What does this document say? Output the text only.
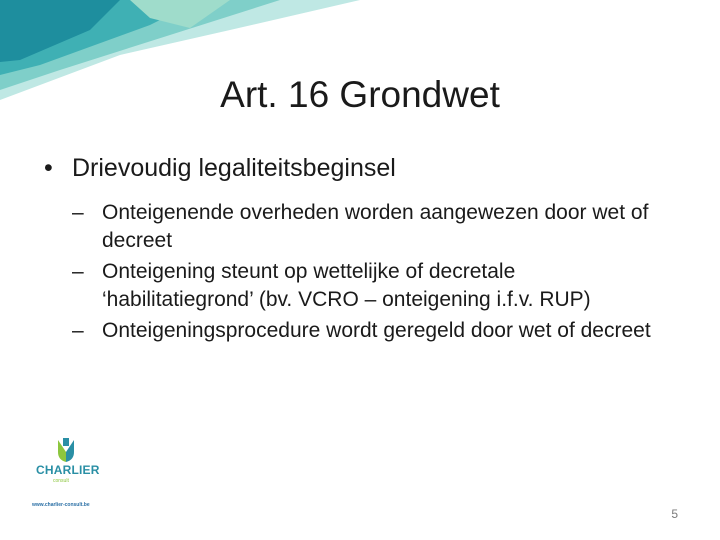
Art. 16 Grondwet
• Drievoudig legaliteitsbeginsel
– Onteigenende overheden worden aangewezen door wet of decreet
– Onteigening steunt op wettelijke of decretale ‘habilitatiegrond’ (bv. VCRO – onteigening i.f.v. RUP)
– Onteigeningsprocedure wordt geregeld door wet of decreet
CHARLIER
consult
www.charlier-consult.be
5
